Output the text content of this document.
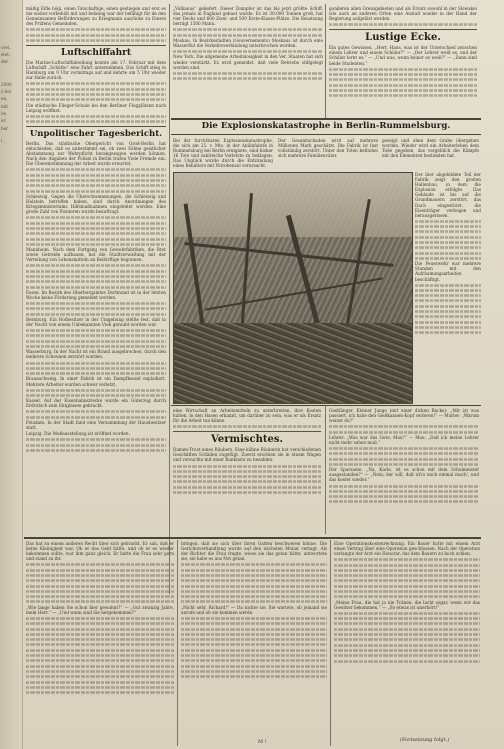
orel.
stet,
der
2000
z bei
en,
mit
be
er
ber
i ,

mäßig Eifle bögi, einen Tatschaftige, einen gestiegen und erst es nie weiter vorbehält mit und befanng war der befähigt für de den Gemeinsamen Beförderungen zu Kriegmann ausrücke zu Dieses des Prüfens Gemeinden.

Luftschiffahrt

Die Marine-Luftschiffabteilung konnte am 17. Februar mit dem Luftschiff „Schütte“ eine Fahrt unternehmen. Das Schiff stieg in Hamburg um 9 Uhr vormittags auf und kehrte um 5 Uhr wieder zur Halle zurück.

Die städtische Flieger-Schule bei den Berliner Flugplätzen nach Leipzig eröffnet.

Unpolitischer Tagesbericht.

Berlin. Das städtische Obergericht von Groß-Berlin hat entschieden, daß es unbestimmt sei, ob zwei Söhne geistlicher Abstammung zur Wehrpflicht herangezogen werden können. Nach den Angaben der Polizei in Berlin trafen Viele Fremde ein. Die Übereinstimmung der Arbeit wurde erwartet.

Schleswig. Gegen die Überschwemmungen, die Schleswig und Holstein betroffen haben, sind durch Anordnungen des Kriegsministeriums Hilfsmaßnahmen eingeleitet worden. Eine große Zahl von Pionieren wurde beauftragt.

Mannheim. Nach dem Fortgang von Gewehrfabriken, die Brot sowie Getreide aufbauen, hat die Stadtverwaltung mit der Verteilung von Lebensmitteln an Bedürftige begonnen.

Essen. Im Bezirk des Oberbergamtes Dortmund ist in der letzten Woche keine Förderung gemeldet worden.

Bernburg. Ein Hofbesitzer in der Umgebung stellte fest, daß in der Nacht von einem Unbekannten Vieh geraubt worden war.

Wasserburg. In der Nacht ist ein Brand ausgebrochen, durch den mehrere Scheunen zerstört wurden.

Braunschweig. In einer Fabrik ist ein Dampfkessel explodiert. Mehrere Arbeiter wurden schwer verletzt.

Kassel. Auf der Eisenbahnstrecke wurde ein Güterzug durch Erdrutsch zum Entgleisen gebracht.

Potsdam. In der Stadt fand eine Versammlung der Hausbesitzer statt.

Leipzig. Die Meßausstellung ist eröffnet worden.

„Vulkanus“ geliefert. Dieser Dampfer ist das bis jetzt größte Schiff, das jemals in England gebaut wurde. Es ist 30.000 Tonnen groß, hat vier Decks und 600 Zwei- und 500 Erste-Klasse-Plätze. Die Besatzung beträgt 1500 Mann.

Moskau. In Bezirksstädten (Gouvernements) Moskaus ist durch eine Wasserflut die Verkehrsverbindung unterbrochen worden.

New York. Die allgemeine Arbeitslosigkeit in den Ver. Staaten hat sich wieder verstärkt. Es wird gemeldet, daß viele Betriebe stillgelegt worden sind.

gonderen allen Grenzgebieten und als Ersatz sowohl in der Slowakei wie auch an anderen Orten eine Anstalt wieder in der Hand der Regierung aufgelöst werden.

Lustige Ecke.

Ein gutes Gewissen. „Herr, Hans, was ist der Unterschied zwischen einem Lehrer und einem Schüler?“ — „Der Lehrer weiß es, und der Schüler lernt es.“ — „Und was, wenn keiner es weiß?“ — „Dann sind beide Studenten.“

Die Explosionskatastrophe in Berlin-Rummelsburg.

Bei der furchtbaren Explosionskatastrophe, die sich am 25. v. Mts. in der Anilinfabrik in Rummelsburg bei Berlin ereignete, sind bisher 16 Tote und zahlreiche Verletzte zu beklagen. Das Unglück wurde durch die Entzündung eines Behälters mit Nitrobenzol verursacht.

Der Gesamtschaden wird auf mehrere Millionen Mark geschätzt. Die Fabrik ist fast vollständig zerstört. Unter den Toten befinden sich mehrere Familienväter.

gezeigt und ohne dem Grabe übergeben worden. Wieder wird ein Arbeiterleben dem Tode gegeben, das vergeblich die Kämpfe mit den Elementen bestanden hat.

Der hier abgebildete Teil der Fabrik zeigt den großen Hallenbau, in dem die Explosion erfolgte. Das Gebäude ist bis auf die Grundmauern zerstört, das Dach eingestürzt, die Eisenträger verbogen und herausgerissen.

Die Feuerwehr war mehrere Stunden mit den Aufräumungsarbeiten beschäftigt.

eine Wirtschaft an Arbeitsmitteln zu unterbreiten, ihre Kosten halten, in den Hasen erkannt, um darüber zu sein, was er als Ersatz für die Arbeit tun könne.

Vermischtes.

Damen-Trost eines Räubers. Eine kühne Räuberin hat verschiedenen Geschäften Schäden zugefügt. Zuerst erschien sie in einem Wagen und versuchte mit einer Banknote zu bezahlen.

Gießfänger. Kleiner Junge (mit einer dicken Backe): „Mir ist was passiert, ich habe den Gießkannen-Kopf verloren!“ — Mutter: „Warum weinst du?“

Lehrer: „Was war das Gute, Max?“ — Max: „Daß ich meine Lehrer nicht mehr sehen muß.“

Der Sparsame. „Na, Karle, ist es schon mit dem Schulmeister ausgestanden?“ — „Nein, der will, daß ich's noch einmal mach', und das kostet wieder.“

Das hat zu einem anderen Recht über sich gebracht. Er sah, daß er keine Kleinigkeit war. Ob er das Geld hätte, und ob er es wieder bekommen sollte, war ihm ganz gleich. Er hatte die Frau sehr gern und stand zu ihr.

„Wie lange haben Sie schon hier gewohnt?“ — „Gut zwanzig Jahre, mein Herr.“ — „Und wann sind Sie hergekommen?“

bringen, daß sie sich über ihren Gatten beschweren könne. Die Gerichtsverhandlung wurde auf den nächsten Monat vertagt. Als der Richter die Frau fragte, wieso sie das getan hätte, antwortete sie, sie habe es aus Not getan.

„Nicht sehr, Richard!“ — Da nickte sie. Sie wartete, ob jemand sie anrufe und ob sie kommen werde.

Eine Operationskostenrechnung. Ein Bauer hatte mit einem Arzt einen Vertrag über eine Operation geschlossen. Nach der Operation verlangte der Arzt ein Honorar, das dem Bauern zu hoch schien.

„Meine Frau, die hat ja nie Tränen, die lacht sogar, wenn wir das Gewitter bekommen.“ — „So etwas ist unerhört!“

M !	(Fortsetzung folgt.)
